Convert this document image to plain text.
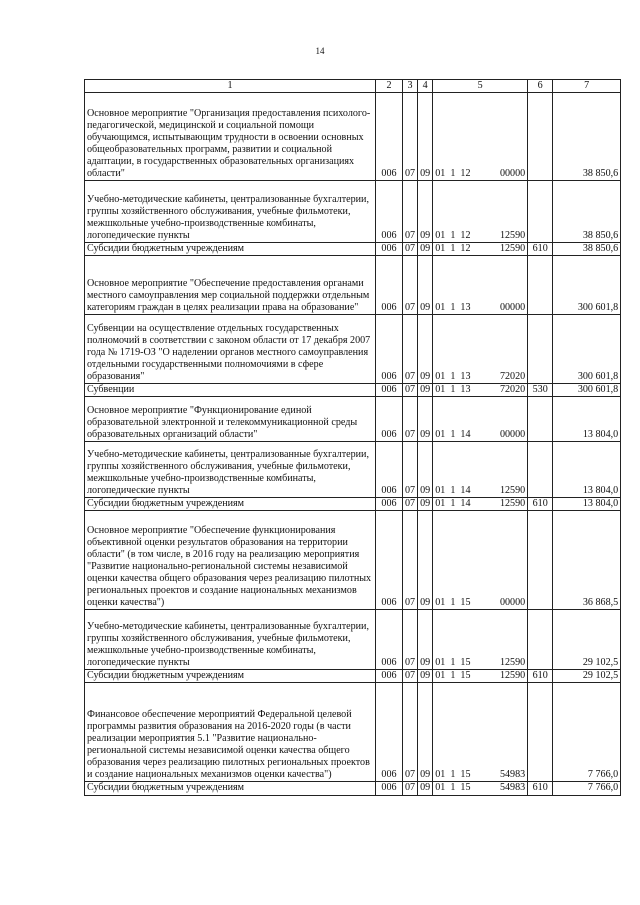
14
1	2	3	4	5	6	7
Основное мероприятие "Организация предоставления психолого-педагогической, медицинской и социальной помощи обучающимся, испытывающим трудности в освоении основных общеобразовательных программ, развитии и социальной адаптации, в государственных образовательных организациях области"	006	07	09	01  1  12 00000		38 850,6
Учебно-методические кабинеты, централизованные бухгалтерии, группы хозяйственного обслуживания, учебные фильмотеки, межшкольные учебно-производственные комбинаты, логопедические пункты	006	07	09	01  1  12 12590		38 850,6
Субсидии бюджетным учреждениям	006	07	09	01  1  12 12590	610	38 850,6
Основное мероприятие "Обеспечение предоставления органами местного самоуправления мер социальной поддержки отдельным категориям граждан в целях реализации права на образование"	006	07	09	01  1  13 00000		300 601,8
Субвенции на осуществление отдельных государственных полномочий в соответствии с законом области от 17 декабря 2007 года № 1719-ОЗ "О наделении органов местного самоуправления отдельными государственными полномочиями в сфере образования"	006	07	09	01  1  13 72020		300 601,8
Субвенции	006	07	09	01  1  13 72020	530	300 601,8
Основное мероприятие "Функционирование единой образовательной электронной и телекоммуникационной среды образовательных организаций области"	006	07	09	01  1  14 00000		13 804,0
Учебно-методические кабинеты, централизованные бухгалтерии, группы хозяйственного обслуживания, учебные фильмотеки, межшкольные учебно-производственные комбинаты, логопедические пункты	006	07	09	01  1  14 12590		13 804,0
Субсидии бюджетным учреждениям	006	07	09	01  1  14 12590	610	13 804,0
Основное мероприятие "Обеспечение функционирования объективной оценки результатов образования на территории области" (в том числе, в 2016 году на реализацию мероприятия "Развитие национально-региональной системы независимой оценки качества общего образования через реализацию пилотных региональных проектов и создание национальных механизмов оценки качества")	006	07	09	01  1  15 00000		36 868,5
Учебно-методические кабинеты, централизованные бухгалтерии, группы хозяйственного обслуживания, учебные фильмотеки, межшкольные учебно-производственные комбинаты, логопедические пункты	006	07	09	01  1  15 12590		29 102,5
Субсидии бюджетным учреждениям	006	07	09	01  1  15 12590	610	29 102,5
Финансовое обеспечение мероприятий Федеральной целевой программы развития образования на 2016-2020 годы (в части реализации мероприятия 5.1 "Развитие национально-региональной системы независимой оценки качества общего образования через реализацию пилотных региональных проектов и создание национальных механизмов оценки качества")	006	07	09	01  1  15 54983		7 766,0
Субсидии бюджетным учреждениям	006	07	09	01  1  15 54983	610	7 766,0
